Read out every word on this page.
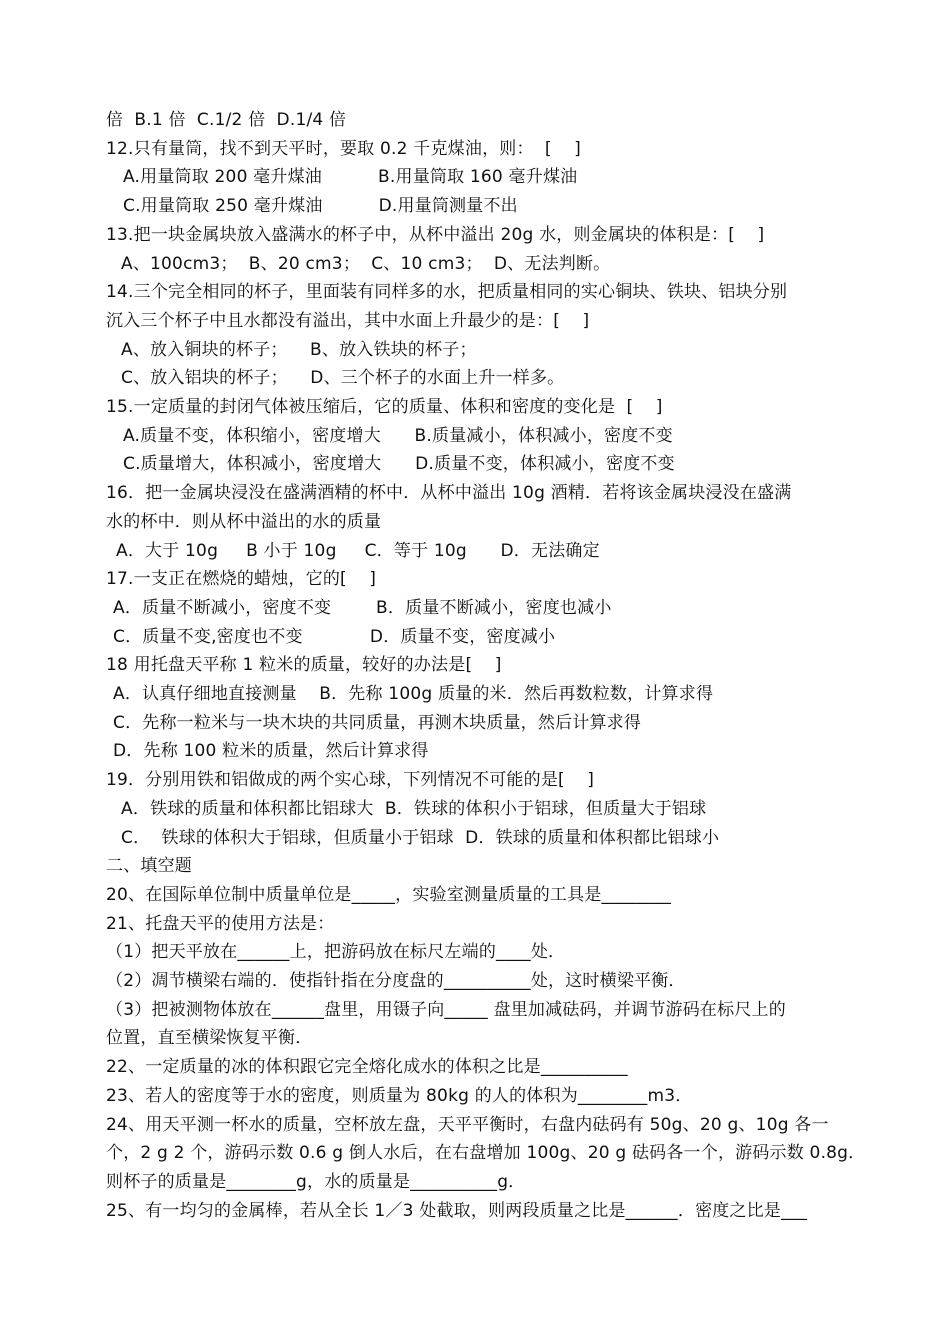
倍  B.1 倍  C.1/2 倍  D.1/4 倍
12.只有量筒，找不到天平时，要取 0.2 千克煤油，则：  [    ]
A.用量筒取 200 毫升煤油          B.用量筒取 160 毫升煤油
C.用量筒取 250 毫升煤油          D.用量筒测量不出
13.把一块金属块放入盛满水的杯子中，从杯中溢出 20g 水，则金属块的体积是：[    ]
A、100cm3；  B、20 cm3；  C、10 cm3；  D、无法判断。
14.三个完全相同的杯子，里面装有同样多的水，把质量相同的实心铜块、铁块、铝块分别
沉入三个杯子中且水都没有溢出，其中水面上升最少的是：[    ]
A、放入铜块的杯子；    B、放入铁块的杯子；
C、放入铝块的杯子；    D、三个杯子的水面上升一样多。
15.一定质量的封闭气体被压缩后，它的质量、体积和密度的变化是  [    ]
A.质量不变，体积缩小，密度增大      B.质量减小，体积减小，密度不变
C.质量增大，体积减小，密度增大      D.质量不变，体积减小，密度不变
16．把一金属块浸没在盛满酒精的杯中．从杯中溢出 10g 酒精．若将该金属块浸没在盛满
水的杯中．则从杯中溢出的水的质量
A．大于 10g     B 小于 10g     C．等于 10g      D．无法确定
17.一支正在燃烧的蜡烛，它的[    ]
A．质量不断减小，密度不变        B．质量不断减小，密度也减小
C．质量不变,密度也不变            D．质量不变，密度减小
18 用托盘天平称 1 粒米的质量，较好的办法是[    ]
A．认真仔细地直接测量    B．先称 100g 质量的米．然后再数粒数，计算求得
C．先称一粒米与一块木块的共同质量，再测木块质量，然后计算求得
D．先称 100 粒米的质量，然后计算求得
19．分别用铁和铝做成的两个实心球，下列情况不可能的是[    ]
A．铁球的质量和体积都比铝球大  B．铁球的体积小于铝球，但质量大于铝球
C．  铁球的体积大于铝球，但质量小于铝球  D．铁球的质量和体积都比铝球小
二、填空题
20、在国际单位制中质量单位是_____，实验室测量质量的工具是________
21、托盘天平的使用方法是：
（1）把天平放在______上，把游码放在标尺左端的____处．
（2）凋节横梁右端的．使指针指在分度盘的__________处，这时横梁平衡．
（3）把被测物体放在______盘里，用镊子向_____ 盘里加减砝码，并调节游码在标尺上的
位置，直至横梁恢复平衡．
22、一定质量的冰的体积跟它完全熔化成水的体积之比是__________
23、若人的密度等于水的密度，则质量为 80kg 的人的体积为________m3．
24、用天平测一杯水的质量，空杯放左盘，天平平衡时，右盘内砝码有 50g、20 g、10g 各一
个，2 g 2 个，游码示数 0.6 g 倒人水后，在右盘增加 100g、20 g 砝码各一个，游码示数 0.8g．
则杯子的质量是________g，水的质量是__________g．
25、有一均匀的金属棒，若从全长 1／3 处截取，则两段质量之比是______．密度之比是___
